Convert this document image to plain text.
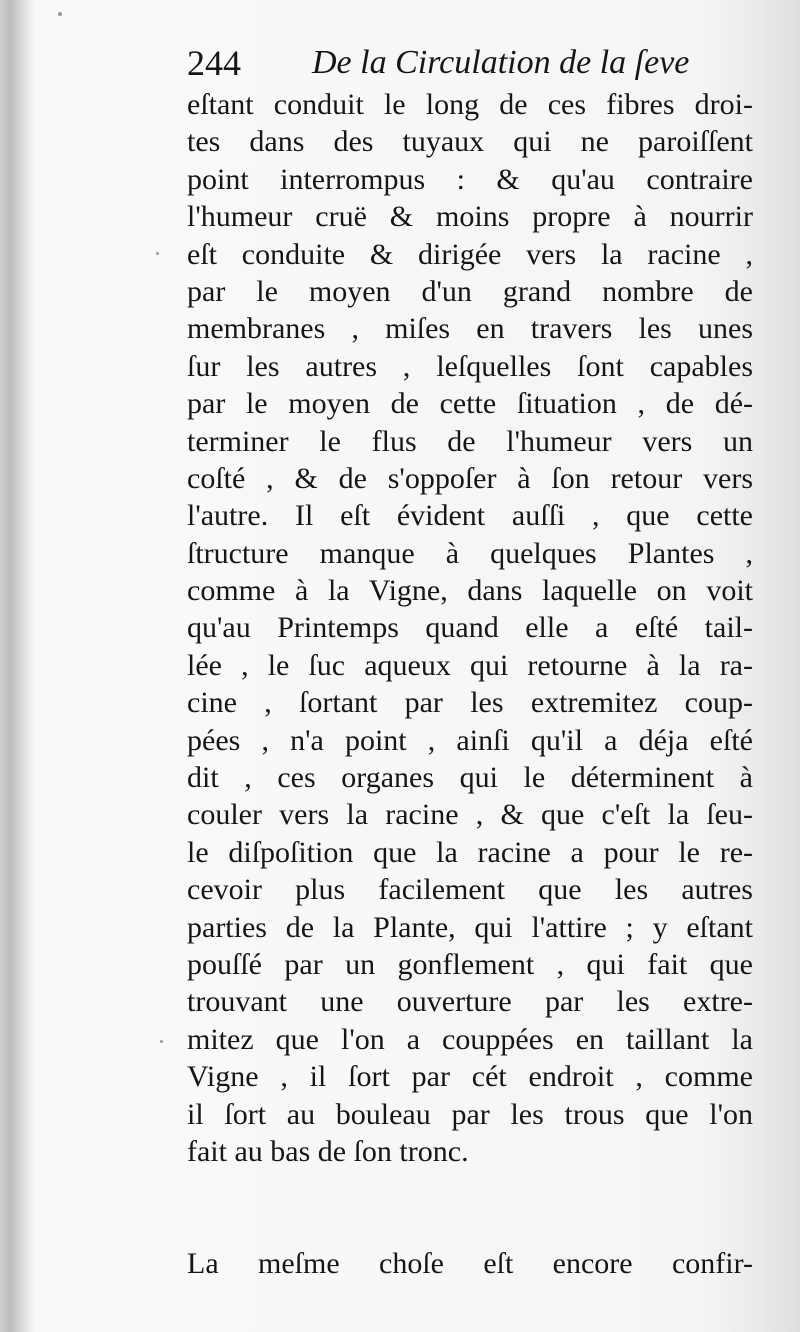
244 De la Circulation de la ſeve
eſtant conduit le long de ces fibres droi-
tes dans des tuyaux qui ne paroiſſent
point interrompus : & qu'au contraire
l'humeur cruë & moins propre à nourrir
eſt conduite & dirigée vers la racine ,
par le moyen d'un grand nombre de
membranes , miſes en travers les unes
ſur les autres , leſquelles ſont capables
par le moyen de cette ſituation , de dé-
terminer le flus de l'humeur vers un
coſté , & de s'oppoſer à ſon retour vers
l'autre. Il eſt évident auſſi , que cette
ſtructure manque à quelques Plantes ,
comme à la Vigne, dans laquelle on voit
qu'au Printemps quand elle a eſté tail-
lée , le ſuc aqueux qui retourne à la ra-
cine , ſortant par les extremitez coup-
pées , n'a point , ainſi qu'il a déja eſté
dit , ces organes qui le déterminent à
couler vers la racine , & que c'eſt la ſeu-
le diſpoſition que la racine a pour le re-
cevoir plus facilement que les autres
parties de la Plante, qui l'attire ; y eſtant
pouſſé par un gonflement , qui fait que
trouvant une ouverture par les extre-
mitez que l'on a couppées en taillant la
Vigne , il ſort par cét endroit , comme
il ſort au bouleau par les trous que l'on
fait au bas de ſon tronc.
La meſme choſe eſt encore confir-
